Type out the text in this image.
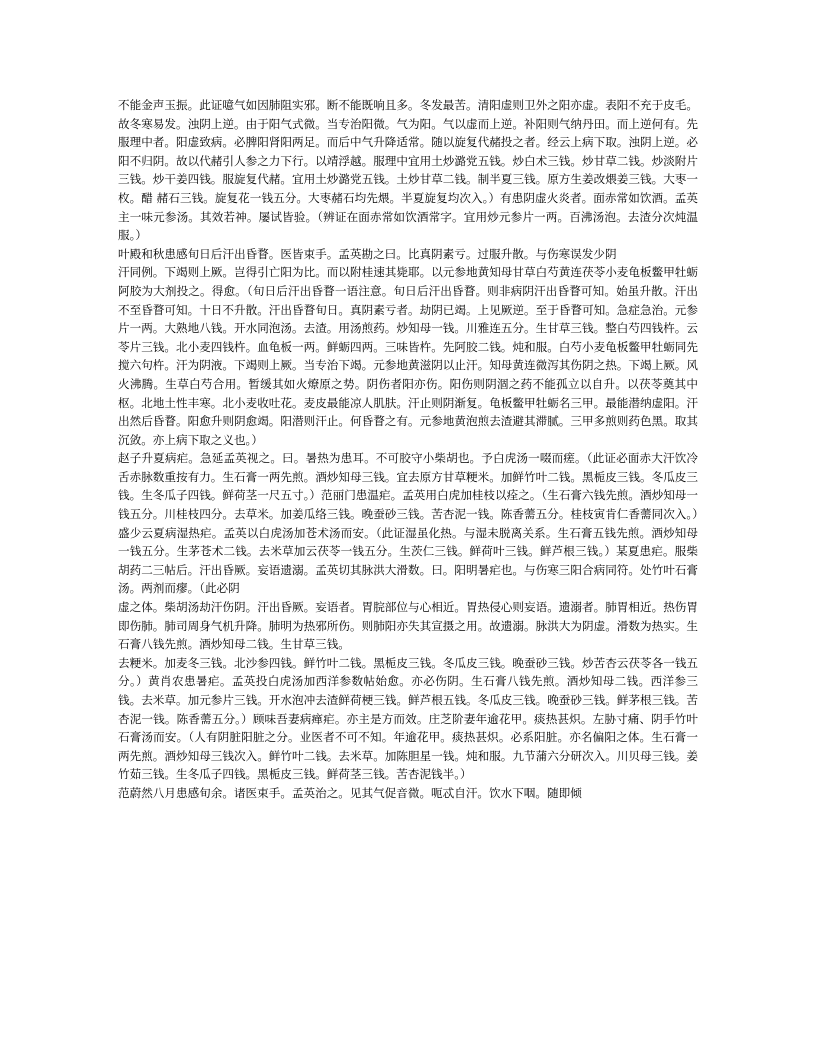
不能金声玉振。此证噫气如因肺阻实邪。断不能既响且多。冬发最苦。清阳虚则卫外之阳亦虚。表阳不充于皮毛。故冬寒易发。浊阴上逆。由于阳气式微。当专治阳微。气为阳。气以虚而上逆。补阳则气纳丹田。而上逆何有。先服理中者。阳虚致病。必脾阳肾阳两足。而后中气升降适常。随以旋复代赭投之者。经云上病下取。浊阴上逆。必阳不归阴。故以代赭引人参之力下行。以靖浮越。服理中宜用土炒潞党五钱。炒白术三钱。炒甘草二钱。炒淡附片三钱。炒干姜四钱。服旋复代赭。宜用土炒潞党五钱。土炒甘草二钱。制半夏三钱。原方生姜改煨姜三钱。大枣一枚。醋 赭石三钱。旋复花一钱五分。大枣赭石均先煨。半夏旋复均次入。）有患阴虚火炎者。面赤常如饮酒。孟英主一味元参汤。其效若神。屡试皆验。（辨证在面赤常如饮酒常字。宜用炒元参片一两。百沸汤泡。去渣分次炖温服。）

叶殿和秋患感旬日后汗出昏瞀。医皆束手。孟英勘之曰。比真阴素亏。过服升散。与伤寒误发少阴

汗同例。下竭则上厥。岂得引亡阳为比。而以附桂速其毙耶。以元参地黄知母甘草白芍黄连茯苓小麦龟板鳖甲牡蛎阿胶为大剂投之。得愈。（旬日后汗出昏瞀一语注意。旬日后汗出昏瞀。则非病阴汗出昏瞀可知。始虽升散。汗出不至昏瞀可知。十日不升散。汗出昏瞀旬日。真阴素亏者。劫阴已竭。上见厥逆。至于昏瞀可知。急症急治。元参片一两。大熟地八钱。开水同泡汤。去渣。用汤煎药。炒知母一钱。川雅连五分。生甘草三钱。整白芍四钱杵。云苓片三钱。北小麦四钱杵。血龟板一两。鲜蛎四两。三味皆杵。先阿胶二钱。炖和服。白芍小麦龟板鳖甲牡蛎同先搅六句杵。汗为阴液。下竭则上厥。当专治下竭。元参地黄滋阴以止汗。知母黄连微泻其伤阴之热。下竭上厥。风火沸腾。生草白芍合用。暂缓其如火燎原之势。阴伤者阳亦伤。阳伤则阴涸之药不能孤立以自升。以茯苓奠其中枢。北地土性丰寒。北小麦收吐花。麦皮最能凉人肌肤。汗止则阴渐复。龟板鳖甲牡蛎名三甲。最能潜纳虚阳。汗出然后昏瞀。阳愈升则阴愈竭。阳潜则汗止。何昏瞀之有。元参地黄泡煎去渣避其滞腻。三甲多煎则药色黑。取其沉敛。亦上病下取之义也。）

赵子升夏病疟。急延孟英视之。曰。暑热为患耳。不可胶守小柴胡也。予白虎汤一啜而瘥。（此证必面赤大汗饮冷舌赤脉数重按有力。生石膏一两先煎。酒炒知母三钱。宜去原方甘草粳米。加鲜竹叶二钱。黑栀皮三钱。冬瓜皮三钱。生冬瓜子四钱。鲜荷茎一尺五寸。）范丽门患温疟。孟英用白虎加桂枝以痊之。（生石膏六钱先煎。酒炒知母一钱五分。川桂枝四分。去草米。加姜瓜络三钱。晚蚕砂三钱。苦杏泥一钱。陈香薷五分。桂枝寅肯仁香薷同次入。）盛少云夏病湿热疟。孟英以白虎汤加苍术汤而安。（此证湿虽化热。与湿未脱离关系。生石膏五钱先煎。酒炒知母一钱五分。生茅苍术二钱。去米草加云茯苓一钱五分。生茨仁三钱。鲜荷叶三钱。鲜芦根三钱。）某夏患疟。服柴胡药二三帖后。汗出昏厥。妄语遗溺。孟英切其脉洪大滑数。曰。阳明暑疟也。与伤寒三阳合病同符。处竹叶石膏汤。两剂而瘳。（此必阴

虚之体。柴胡汤劫汗伤阴。汗出昏厥。妄语者。胃脘部位与心相近。胃热侵心则妄语。遗溺者。肺胃相近。热伤胃即伤肺。肺司周身气机升降。肺明为热邪所伤。则肺阳亦失其宣摄之用。故遗溺。脉洪大为阴虚。滑数为热实。生石膏八钱先煎。酒炒知母二钱。生甘草三钱。

去粳米。加麦冬三钱。北沙参四钱。鲜竹叶二钱。黑栀皮三钱。冬瓜皮三钱。晚蚕砂三钱。炒苦杏云茯苓各一钱五分。）黄肖农患暑疟。孟英投白虎汤加西洋参数帖始愈。亦必伤阴。生石膏八钱先煎。酒炒知母二钱。西洋参三钱。去米草。加元参片三钱。开水泡冲去渣鲜荷梗三钱。鲜芦根五钱。冬瓜皮三钱。晚蚕砂三钱。鲜茅根三钱。苦杏泥一钱。陈香薷五分。）顾味吾妻病瘅疟。亦主是方而效。庄芝阶妻年逾花甲。痰热甚炽。左胁寸痛、阴手竹叶石膏汤而安。（人有阴脏阳脏之分。业医者不可不知。年逾花甲。痰热甚炽。必系阳脏。亦名偏阳之体。生石膏一两先煎。酒炒知母三钱次入。鲜竹叶二钱。去米草。加陈胆星一钱。炖和服。九节蒲六分研次入。川贝母三钱。姜竹茹三钱。生冬瓜子四钱。黑栀皮三钱。鲜荷茎三钱。苦杏泥钱半。）

范蔚然八月患感旬余。诸医束手。孟英治之。见其气促音微。呃忒自汗。饮水下咽。随即倾
